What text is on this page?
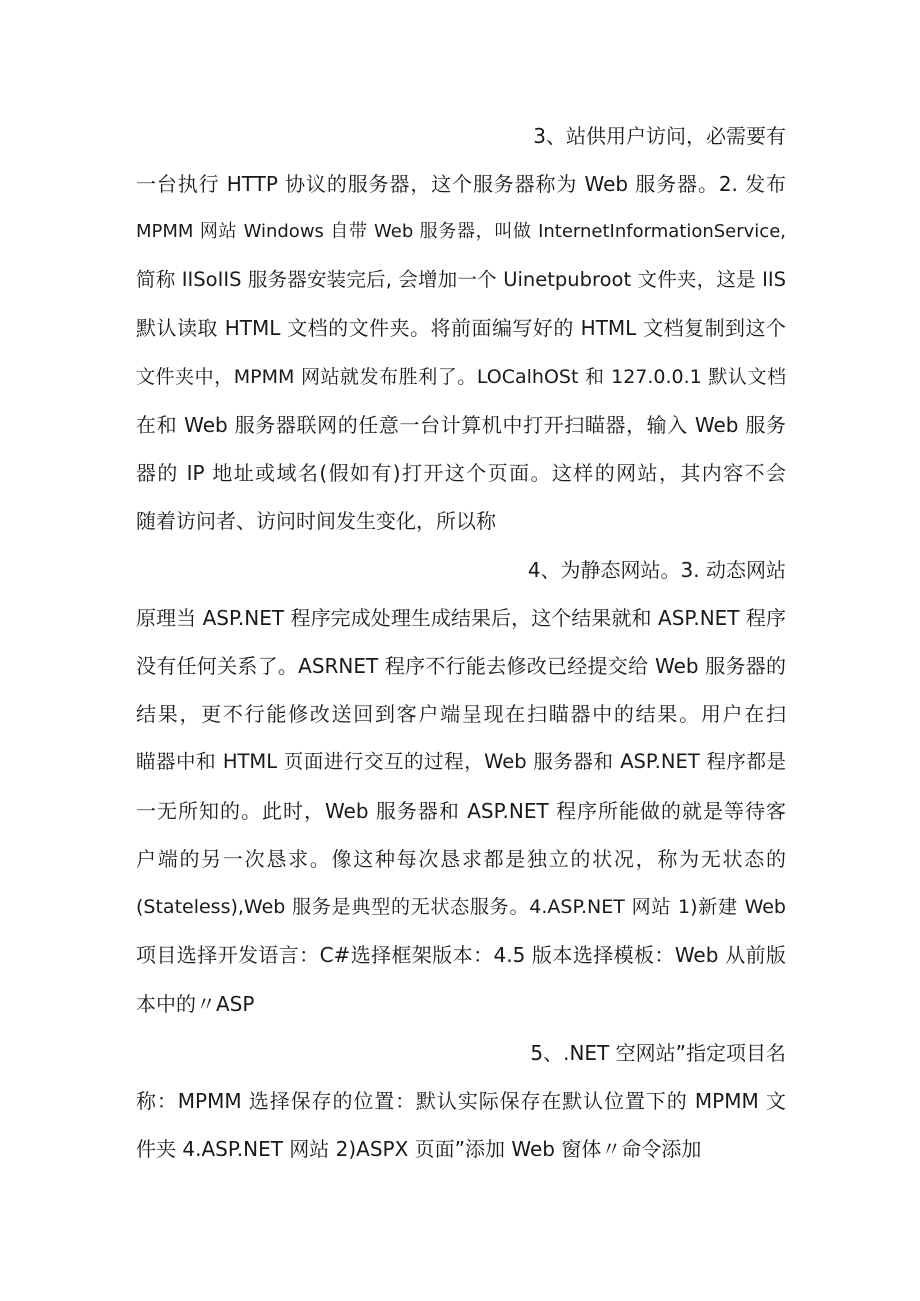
3、站供用户访问，必需要有
一台执行 HTTP 协议的服务器，这个服务器称为 Web 服务器。2. 发布
MPMM 网站 Windows 自带 Web 服务器，叫做 InternetInformationService,
简称 IISoIIS 服务器安装完后, 会增加一个 Uinetpubroot 文件夹，这是 IIS
默认读取 HTML 文档的文件夹。将前面编写好的 HTML 文档复制到这个
文件夹中，MPMM 网站就发布胜利了。LOCalhOSt 和 127.0.0.1 默认文档
在和 Web 服务器联网的任意一台计算机中打开扫瞄器，输入 Web 服务
器的 IP 地址或域名(假如有)打开这个页面。这样的网站，其内容不会
随着访问者、访问时间发生变化，所以称
4、为静态网站。3. 动态网站
原理当 ASP.NET 程序完成处理生成结果后，这个结果就和 ASP.NET 程序
没有任何关系了。ASRNET 程序不行能去修改已经提交给 Web 服务器的
结果，更不行能修改送回到客户端呈现在扫瞄器中的结果。用户在扫
瞄器中和 HTML 页面进行交互的过程，Web 服务器和 ASP.NET 程序都是
一无所知的。此时，Web 服务器和 ASP.NET 程序所能做的就是等待客
户端的另一次恳求。像这种每次恳求都是独立的状况，称为无状态的
(Stateless),Web 服务是典型的无状态服务。4.ASP.NET 网站 1)新建 Web
项目选择开发语言：C#选择框架版本：4.5 版本选择模板：Web 从前版
本中的〃ASP
5、.NET 空网站”指定项目名
称：MPMM 选择保存的位置：默认实际保存在默认位置下的 MPMM 文
件夹 4.ASP.NET 网站 2)ASPX 页面”添加 Web 窗体〃命令添加
